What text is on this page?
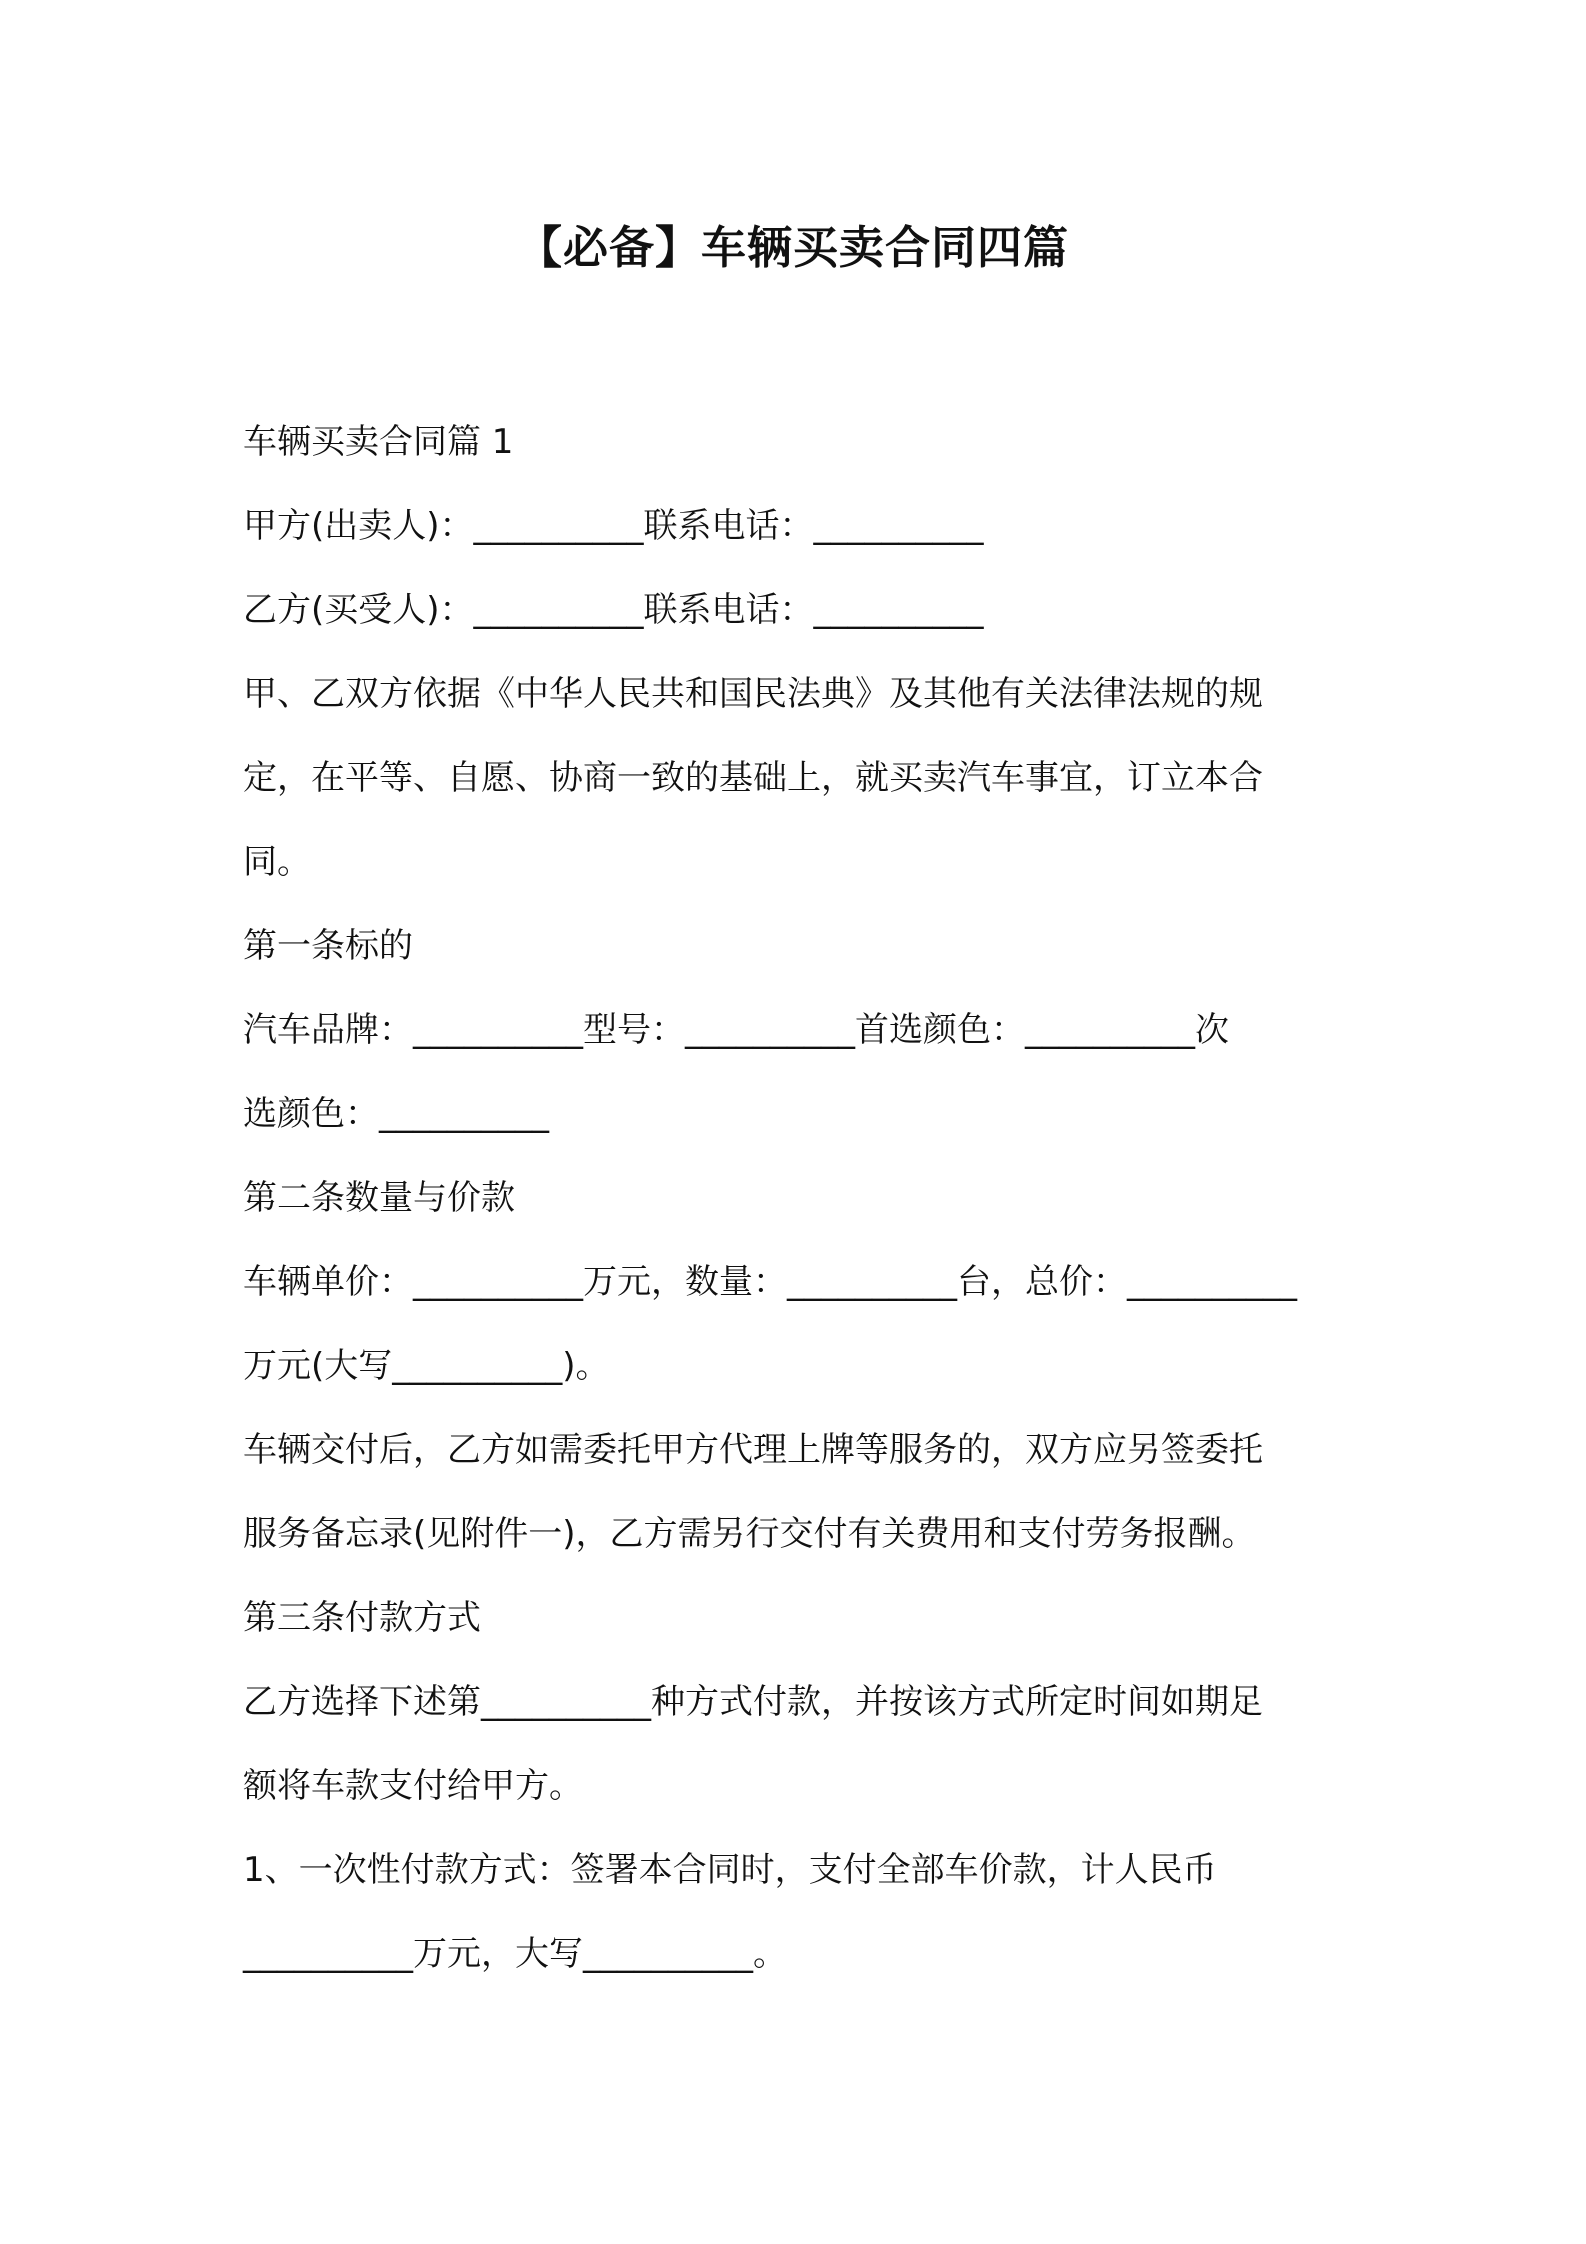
【必备】车辆买卖合同四篇
车辆买卖合同篇 1
甲方(出卖人)：__________联系电话：__________
乙方(买受人)：__________联系电话：__________
甲、乙双方依据《中华人民共和国民法典》及其他有关法律法规的规
定，在平等、自愿、协商一致的基础上，就买卖汽车事宜，订立本合
同。
第一条标的
汽车品牌：__________型号：__________首选颜色：__________次
选颜色：__________
第二条数量与价款
车辆单价：__________万元，数量：__________台，总价：__________
万元(大写__________)。
车辆交付后，乙方如需委托甲方代理上牌等服务的，双方应另签委托
服务备忘录(见附件一)，乙方需另行交付有关费用和支付劳务报酬。
第三条付款方式
乙方选择下述第__________种方式付款，并按该方式所定时间如期足
额将车款支付给甲方。
1、一次性付款方式：签署本合同时，支付全部车价款，计人民币
__________万元，大写__________。
